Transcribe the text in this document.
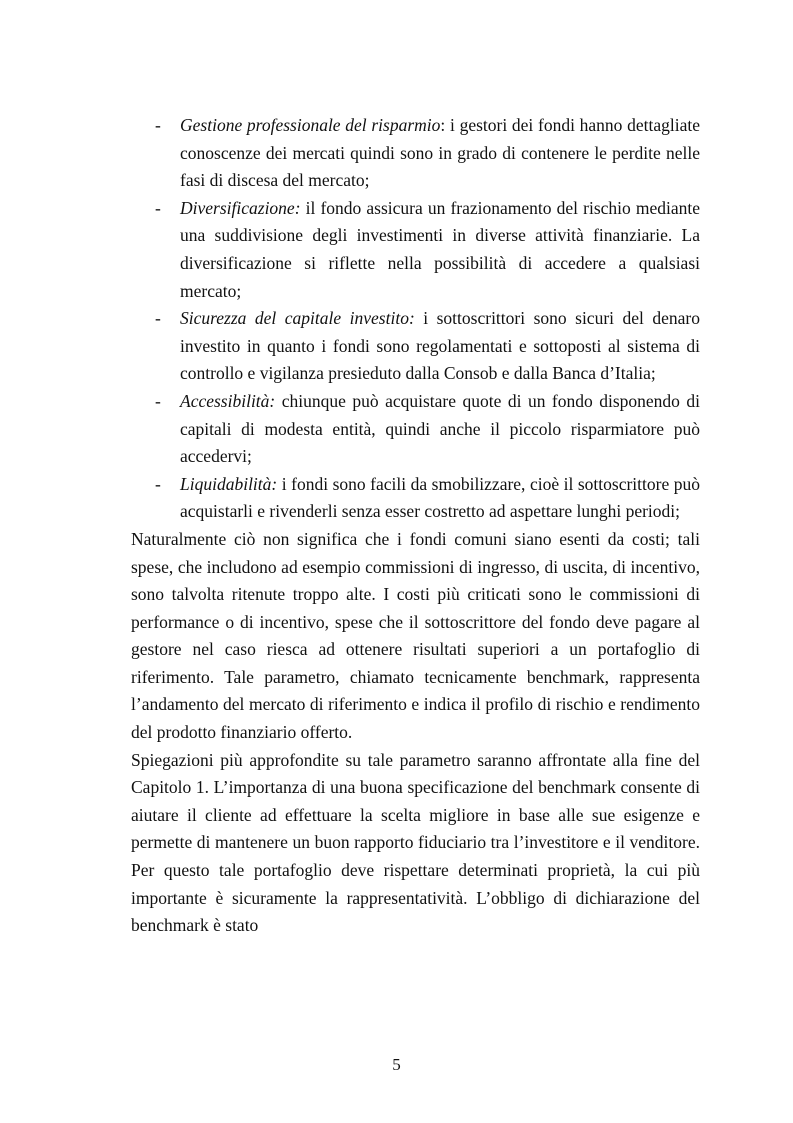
- Gestione professionale del risparmio: i gestori dei fondi hanno dettagliate conoscenze dei mercati quindi sono in grado di contenere le perdite nelle fasi di discesa del mercato;
- Diversificazione: il fondo assicura un frazionamento del rischio mediante una suddivisione degli investimenti in diverse attività finanziarie. La diversificazione si riflette nella possibilità di accedere a qualsiasi mercato;
- Sicurezza del capitale investito: i sottoscrittori sono sicuri del denaro investito in quanto i fondi sono regolamentati e sottoposti al sistema di controllo e vigilanza presieduto dalla Consob e dalla Banca d’Italia;
- Accessibilità: chiunque può acquistare quote di un fondo disponendo di capitali di modesta entità, quindi anche il piccolo risparmiatore può accedervi;
- Liquidabilità: i fondi sono facili da smobilizzare, cioè il sottoscrittore può acquistarli e rivenderli senza esser costretto ad aspettare lunghi periodi;

Naturalmente ciò non significa che i fondi comuni siano esenti da costi; tali spese, che includono ad esempio commissioni di ingresso, di uscita, di incentivo, sono talvolta ritenute troppo alte. I costi più criticati sono le commissioni di performance o di incentivo, spese che il sottoscrittore del fondo deve pagare al gestore nel caso riesca ad ottenere risultati superiori a un portafoglio di riferimento. Tale parametro, chiamato tecnicamente benchmark, rappresenta l’andamento del mercato di riferimento e indica il profilo di rischio e rendimento del prodotto finanziario offerto.

Spiegazioni più approfondite su tale parametro saranno affrontate alla fine del Capitolo 1. L’importanza di una buona specificazione del benchmark consente di aiutare il cliente ad effettuare la scelta migliore in base alle sue esigenze e permette di mantenere un buon rapporto fiduciario tra l’investitore e il venditore. Per questo tale portafoglio deve rispettare determinati proprietà, la cui più importante è sicuramente la rappresentatività. L’obbligo di dichiarazione del benchmark è stato

5
